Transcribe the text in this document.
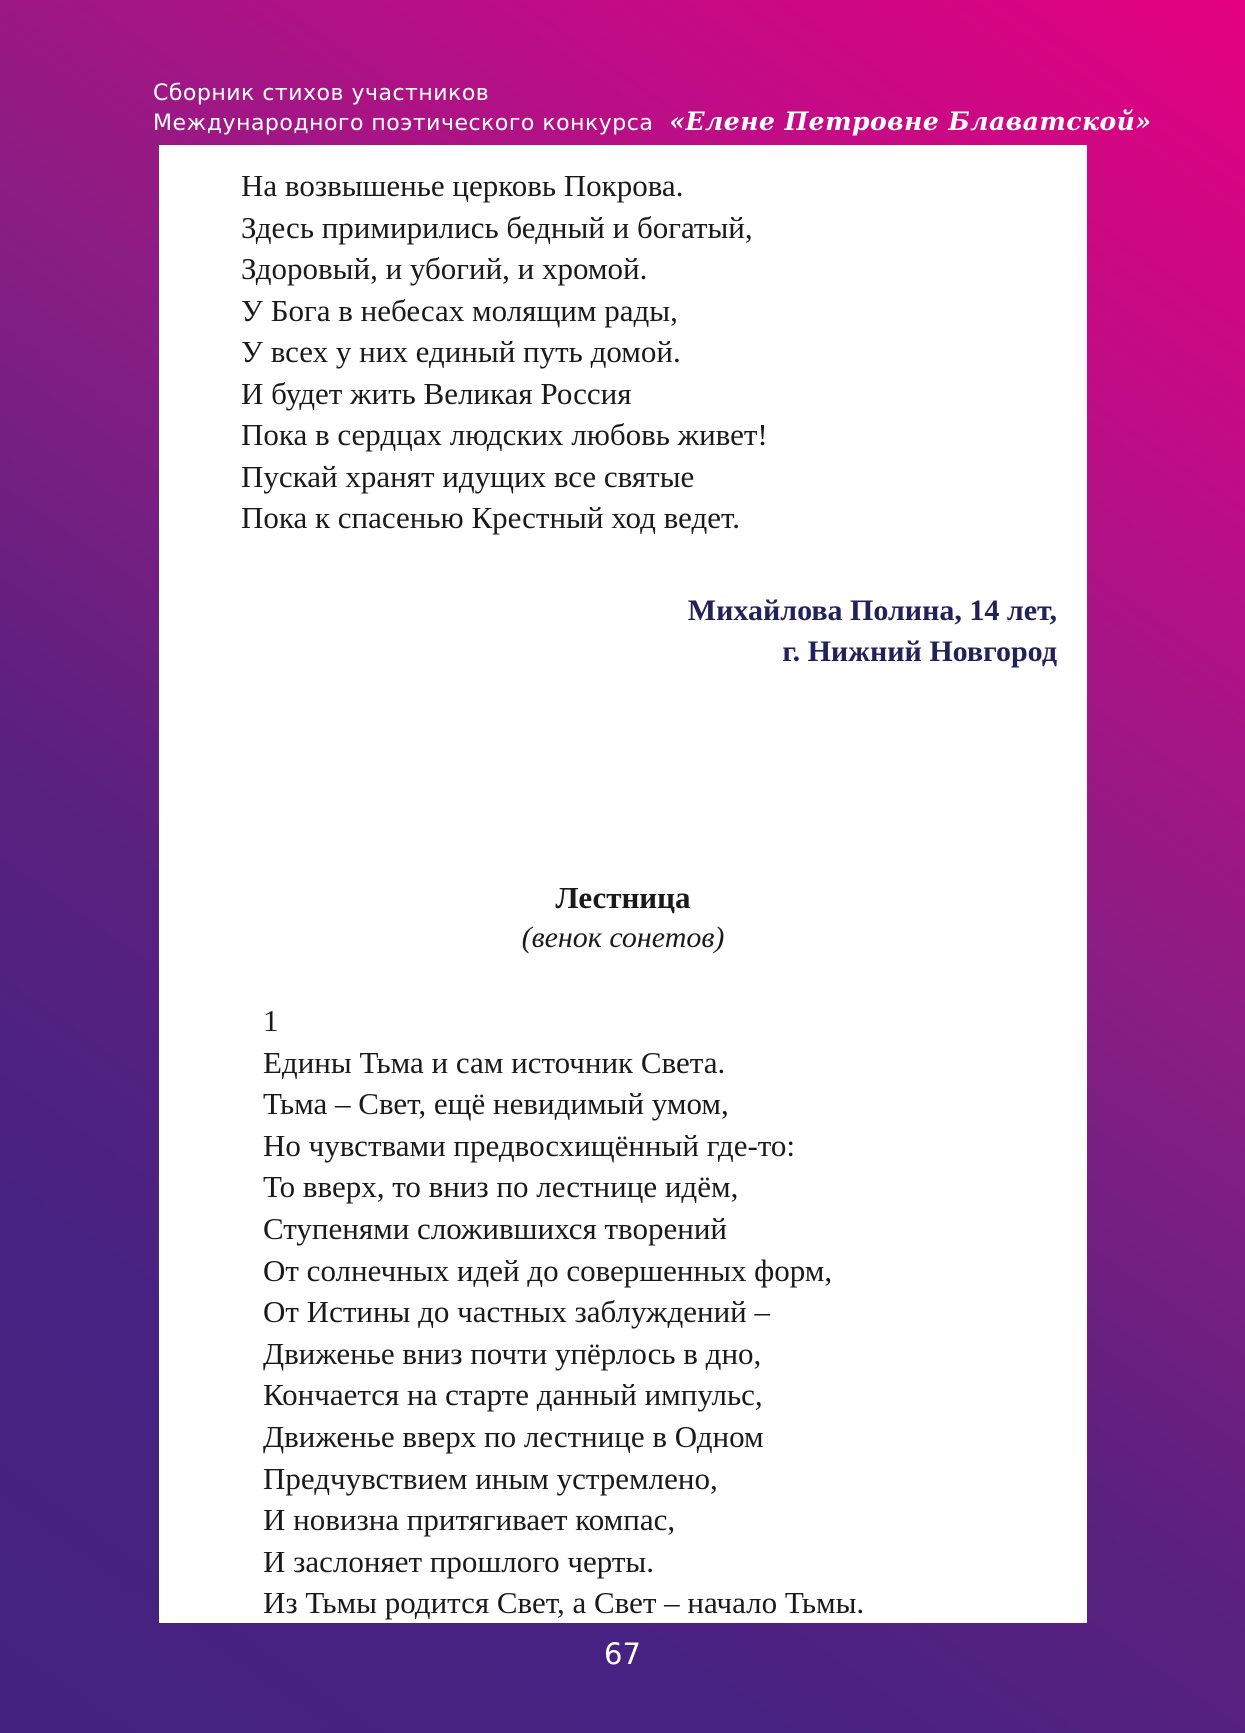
Сборник стихов участников
Международного поэтического конкурса «Елене Петровне Блаватской»
На возвышенье церковь Покрова.
Здесь примирились бедный и богатый,
Здоровый, и убогий, и хромой.
У Бога в небесах молящим рады,
У всех у них единый путь домой.
И будет жить Великая Россия
Пока в сердцах людских любовь живет!
Пускай хранят идущих все святые
Пока к спасенью Крестный ход ведет.
Михайлова Полина, 14 лет,
г. Нижний Новгород
Лестница
(венок сонетов)
1
Едины Тьма и сам источник Света.
Тьма – Свет, ещё невидимый умом,
Но чувствами предвосхищённый где-то:
То вверх, то вниз по лестнице идём,
Ступенями сложившихся творений
От солнечных идей до совершенных форм,
От Истины до частных заблуждений –
Движенье вниз почти упёрлось в дно,
Кончается на старте данный импульс,
Движенье вверх по лестнице в Одном
Предчувствием иным устремлено,
И новизна притягивает компас,
И заслоняет прошлого черты.
Из Тьмы родится Свет, а Свет – начало Тьмы.
67
